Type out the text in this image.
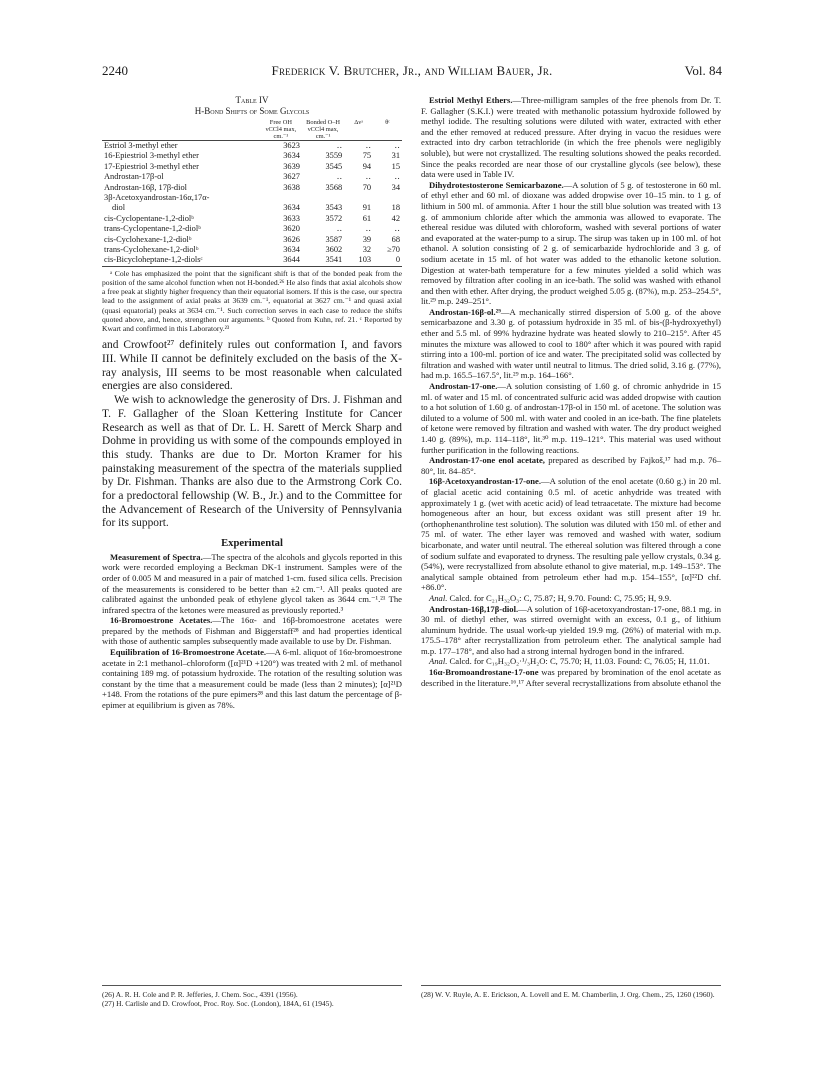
2240	Frederick V. Brutcher, Jr., and William Bauer, Jr.	Vol. 84
Table IV
H-Bond Shifts of Some Glycols
	Free OH νCCl4 max, cm.⁻¹	Bonded O–H νCCl4 max, cm.⁻¹	Δνᵃ	θᶜ

Estriol 3-methyl ether	3623	‥	‥	‥
16-Epiestriol 3-methyl ether	3634	3559	75	31
17-Epiestriol 3-methyl ether	3639	3545	94	15
Androstan-17β-ol	3627	‥	‥	‥
Androstan-16β, 17β-diol	3638	3568	70	34
3β-Acetoxyandrostan-16α,17α-				
diol	3634	3543	91	18
cis-Cyclopentane-1,2-diolᵇ	3633	3572	61	42
trans-Cyclopentane-1,2-diolᵇ	3620	‥	‥	‥
cis-Cyclohexane-1,2-diolᵇ	3626	3587	39	68
trans-Cyclohexane-1,2-diolᵇ	3634	3602	32	≥70
cis-Bicycloheptane-1,2-diolsᶜ	3644	3541	103	0

ᵃ Cole has emphasized the point that the significant shift is that of the bonded peak from the position of the same alcohol function when not H-bonded.²⁶ He also finds that axial alcohols show a free peak at slightly higher frequency than their equatorial isomers. If this is the case, our spectra lead to the assignment of axial peaks at 3639 cm.⁻¹, equatorial at 3627 cm.⁻¹ and quasi axial (quasi equatorial) peaks at 3634 cm.⁻¹. Such correction serves in each case to reduce the shifts quoted above, and, hence, strengthen our arguments. ᵇ Quoted from Kuhn, ref. 21. ᶜ Reported by Kwart and confirmed in this Laboratory.²³

and Crowfoot²⁷ definitely rules out conformation I, and favors III. While II cannot be definitely excluded on the basis of the X-ray analysis, III seems to be most reasonable when calculated energies are also considered.

We wish to acknowledge the generosity of Drs. J. Fishman and T. F. Gallagher of the Sloan Kettering Institute for Cancer Research as well as that of Dr. L. H. Sarett of Merck Sharp and Dohme in providing us with some of the compounds employed in this study. Thanks are due to Dr. Morton Kramer for his painstaking measurement of the spectra of the materials supplied by Dr. Fishman. Thanks are also due to the Armstrong Cork Co. for a predoctoral fellowship (W. B., Jr.) and to the Committee for the Advancement of Research of the University of Pennsylvania for its support.

Experimental

Measurement of Spectra.—The spectra of the alcohols and glycols reported in this work were recorded employing a Beckman DK-1 instrument. Samples were of the order of 0.005 M and measured in a pair of matched 1-cm. fused silica cells. Precision of the measurements is considered to be better than ±2 cm.⁻¹. All peaks quoted are calibrated against the unbonded peak of ethylene glycol taken as 3644 cm.⁻¹.²¹ The infrared spectra of the ketones were measured as previously reported.³

16-Bromoestrone Acetates.—The 16α- and 16β-bromoestrone acetates were prepared by the methods of Fishman and Biggerstaff²⁸ and had properties identical with those of authentic samples subsequently made available to use by Dr. Fishman.

Equilibration of 16-Bromoestrone Acetate.—A 6-ml. aliquot of 16α-bromoestrone acetate in 2:1 methanol–chloroform ([α]²¹D +120°) was treated with 2 ml. of methanol containing 189 mg. of potassium hydroxide. The rotation of the resulting solution was constant by the time that a measurement could be made (less than 2 minutes); [α]²¹D +148. From the rotations of the pure epimers²⁸ and this last datum the percentage of β-epimer at equilibrium is given as 78%.

Estriol Methyl Ethers.—Three-milligram samples of the free phenols from Dr. T. F. Gallagher (S.K.I.) were treated with methanolic potassium hydroxide followed by methyl iodide. The resulting solutions were diluted with water, extracted with ether and the ether removed at reduced pressure. After drying in vacuo the residues were extracted into dry carbon tetrachloride (in which the free phenols were negligibly soluble), but were not crystallized. The resulting solutions showed the peaks recorded. Since the peaks recorded are near those of our crystalline glycols (see below), these data were used in Table IV.

Dihydrotestosterone Semicarbazone.—A solution of 5 g. of testosterone in 60 ml. of ethyl ether and 60 ml. of dioxane was added dropwise over 10–15 min. to 1 g. of lithium in 500 ml. of ammonia. After 1 hour the still blue solution was treated with 13 g. of ammonium chloride after which the ammonia was allowed to evaporate. The ethereal residue was diluted with chloroform, washed with several portions of water and evaporated at the water-pump to a sirup. The sirup was taken up in 100 ml. of hot ethanol. A solution consisting of 2 g. of semicarbazide hydrochloride and 3 g. of sodium acetate in 15 ml. of hot water was added to the ethanolic ketone solution. Digestion at water-bath temperature for a few minutes yielded a solid which was removed by filtration after cooling in an ice-bath. The solid was washed with ethanol and then with ether. After drying, the product weighed 5.05 g. (87%), m.p. 253–254.5°, lit.²⁹ m.p. 249–251°.

Androstan-16β-ol.²⁹—A mechanically stirred dispersion of 5.00 g. of the above semicarbazone and 3.30 g. of potassium hydroxide in 35 ml. of bis-(β-hydroxyethyl) ether and 5.5 ml. of 99% hydrazine hydrate was heated slowly to 210–215°. After 45 minutes the mixture was allowed to cool to 180° after which it was poured with rapid stirring into a 100-ml. portion of ice and water. The precipitated solid was collected by filtration and washed with water until neutral to litmus. The dried solid, 3.16 g. (77%), had m.p. 165.5–167.5°, lit.²⁹ m.p. 164–166°.

Androstan-17-one.—A solution consisting of 1.60 g. of chromic anhydride in 15 ml. of water and 15 ml. of concentrated sulfuric acid was added dropwise with caution to a hot solution of 1.60 g. of androstan-17β-ol in 150 ml. of acetone. The solution was diluted to a volume of 500 ml. with water and cooled in an ice-bath. The fine platelets of ketone were removed by filtration and washed with water. The dry product weighed 1.40 g. (89%), m.p. 114–118°, lit.³⁰ m.p. 119–121°. This material was used without further purification in the following reactions.

Androstan-17-one enol acetate, prepared as described by Fajkoš,¹⁷ had m.p. 76–80°, lit. 84–85°.

16β-Acetoxyandrostan-17-one.—A solution of the enol acetate (0.60 g.) in 20 ml. of glacial acetic acid containing 0.5 ml. of acetic anhydride was treated with approximately 1 g. (wet with acetic acid) of lead tetraacetate. The mixture had become homogeneous after an hour, but excess oxidant was still present after 19 hr. (orthophenanthroline test solution). The solution was diluted with 150 ml. of ether and 75 ml. of water. The ether layer was removed and washed with water, sodium bicarbonate, and water until neutral. The ethereal solution was filtered through a cone of sodium sulfate and evaporated to dryness. The resulting pale yellow crystals, 0.34 g. (54%), were recrystallized from absolute ethanol to give material, m.p. 149–153°. The analytical sample obtained from petroleum ether had m.p. 154–155°, [α]²²D chf. +86.0°.

Anal. Calcd. for C₂₁H₃₂O₃: C, 75.87; H, 9.70. Found: C, 75.95; H, 9.9.

Androstan-16β,17β-diol.—A solution of 16β-acetoxyandrostan-17-one, 88.1 mg. in 30 ml. of diethyl ether, was stirred overnight with an excess, 0.1 g., of lithium aluminum hydride. The usual work-up yielded 19.9 mg. (26%) of material with m.p. 175.5–178° after recrystallization from petroleum ether. The analytical sample had m.p. 177–178°, and also had a strong internal hydrogen bond in the infrared.

Anal. Calcd. for C₁₉H₃₂O₂·¹/₃H₂O: C, 75.70; H, 11.03. Found: C, 76.05; H, 11.01.

16α-Bromoandrostane-17-one was prepared by bromination of the enol acetate as described in the literature.¹⁶,¹⁷ After several recrystallizations from absolute ethanol the

(26) A. R. H. Cole and P. R. Jefferies, J. Chem. Soc., 4391 (1956).
(27) H. Carlisle and D. Crowfoot, Proc. Roy. Soc. (London), 184A, 61 (1945).
(28) W. V. Ruyle, A. E. Erickson, A. Lovell and E. M. Chamberlin, J. Org. Chem., 25, 1260 (1960).
